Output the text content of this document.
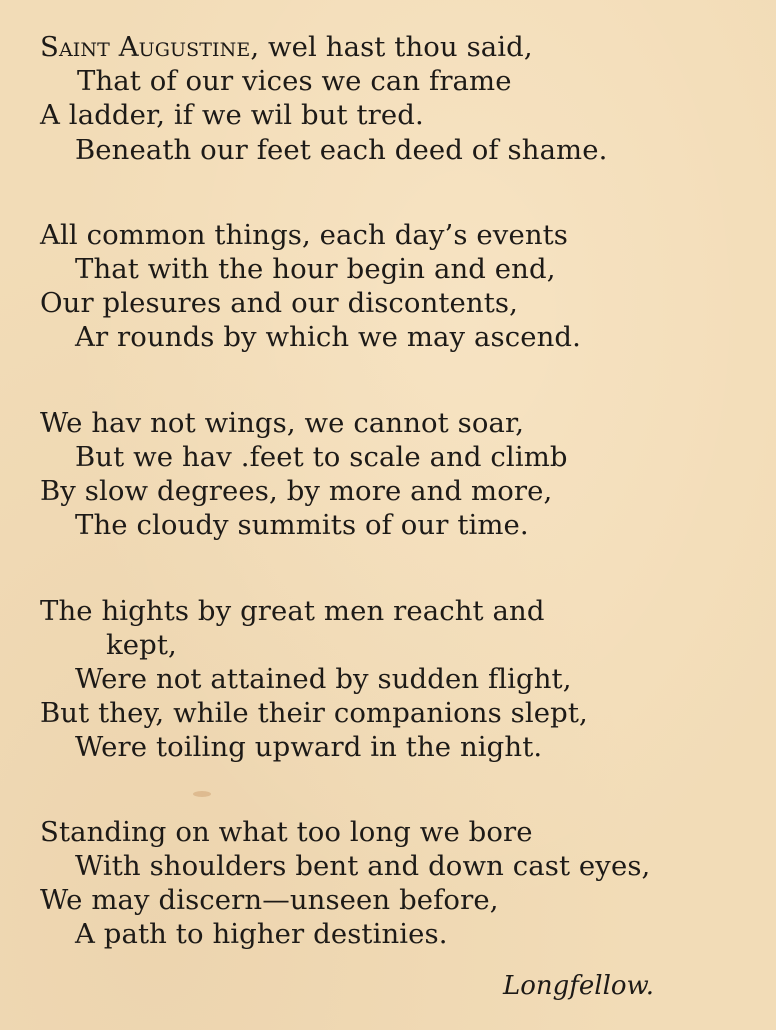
Saint Augustine, wel hast thou said,
That of our vices we can frame
A ladder, if we wil but tred.
Beneath our feet each deed of shame.
All common things, each day’s events
That with the hour begin and end,
Our plesures and our discontents,
Ar rounds by which we may ascend.
We hav not wings, we cannot soar,
But we hav .feet to scale and climb
By slow degrees, by more and more,
The cloudy summits of our time.
The hights by great men reacht and
kept,
Were not attained by sudden flight,
But they, while their companions slept,
Were toiling upward in the night.
Standing on what too long we bore
With shoulders bent and down cast eyes,
We may discern—unseen before,
A path to higher destinies.
Longfellow.
